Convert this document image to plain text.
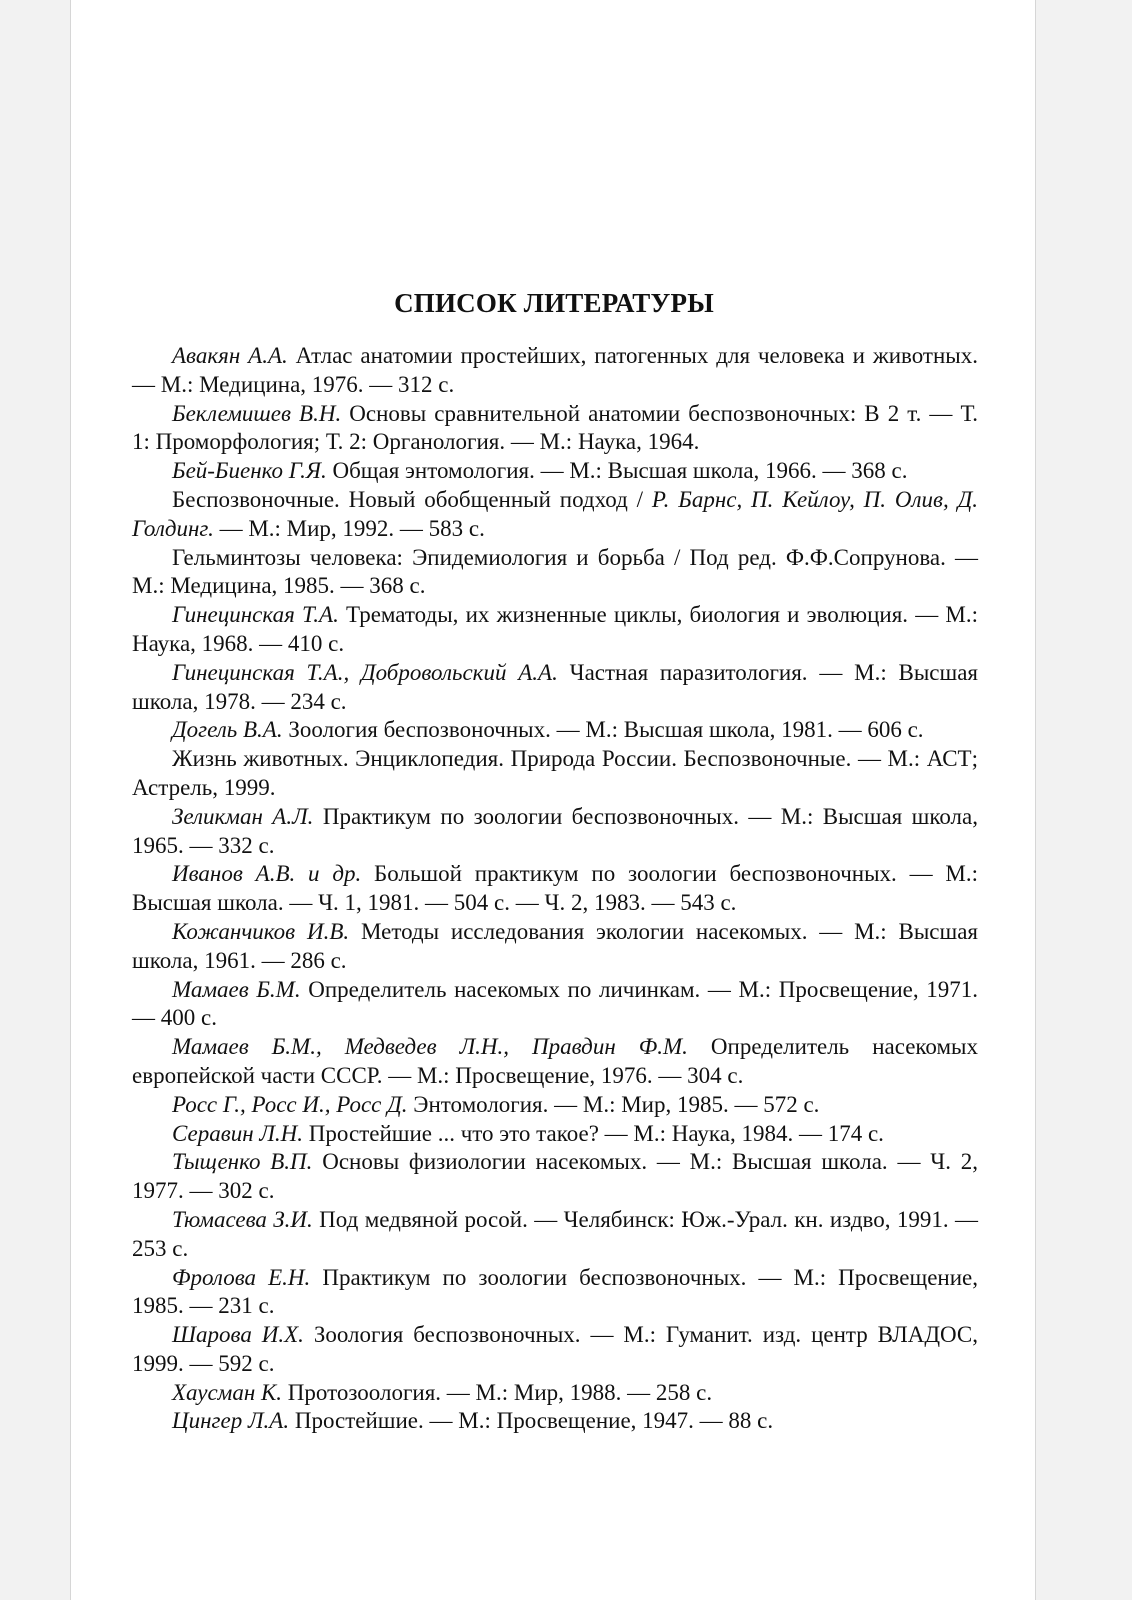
СПИСОК ЛИТЕРАТУРЫ
Авакян А.А. Атлас анатомии простейших, патогенных для человека и животных. — М.: Медицина, 1976. — 312 с.
Беклемишев В.Н. Основы сравнительной анатомии беспозвоночных: В 2 т. — Т. 1: Проморфология; Т. 2: Органология. — М.: Наука, 1964.
Бей-Биенко Г.Я. Общая энтомология. — М.: Высшая школа, 1966. — 368 с.
Беспозвоночные. Новый обобщенный подход / Р. Барнс, П. Кейлоу, П. Олив, Д. Голдинг. — М.: Мир, 1992. — 583 с.
Гельминтозы человека: Эпидемиология и борьба / Под ред. Ф.Ф.Сопрунова. — М.: Медицина, 1985. — 368 с.
Гинецинская Т.А. Трематоды, их жизненные циклы, биология и эволюция. — М.: Наука, 1968. — 410 с.
Гинецинская Т.А., Добровольский А.А. Частная паразитология. — М.: Высшая школа, 1978. — 234 с.
Догель В.А. Зоология беспозвоночных. — М.: Высшая школа, 1981. — 606 с.
Жизнь животных. Энциклопедия. Природа России. Беспозвоночные. — М.: АСТ; Астрель, 1999.
Зеликман А.Л. Практикум по зоологии беспозвоночных. — М.: Высшая школа, 1965. — 332 с.
Иванов А.В. и др. Большой практикум по зоологии беспозвоночных. — М.: Высшая школа. — Ч. 1, 1981. — 504 с. — Ч. 2, 1983. — 543 с.
Кожанчиков И.В. Методы исследования экологии насекомых. — М.: Высшая школа, 1961. — 286 с.
Мамаев Б.М. Определитель насекомых по личинкам. — М.: Просвещение, 1971. — 400 с.
Мамаев Б.М., Медведев Л.Н., Правдин Ф.М. Определитель насекомых европейской части СССР. — М.: Просвещение, 1976. — 304 с.
Росс Г., Росс И., Росс Д. Энтомология. — М.: Мир, 1985. — 572 с.
Серавин Л.Н. Простейшие ... что это такое? — М.: Наука, 1984. — 174 с.
Тыщенко В.П. Основы физиологии насекомых. — М.: Высшая школа. — Ч. 2, 1977. — 302 с.
Тюмасева З.И. Под медвяной росой. — Челябинск: Юж.-Урал. кн. издво, 1991. — 253 с.
Фролова Е.Н. Практикум по зоологии беспозвоночных. — М.: Просвещение, 1985. — 231 с.
Шарова И.Х. Зоология беспозвоночных. — М.: Гуманит. изд. центр ВЛАДОС, 1999. — 592 с.
Хаусман К. Протозоология. — М.: Мир, 1988. — 258 с.
Цингер Л.А. Простейшие. — М.: Просвещение, 1947. — 88 с.
